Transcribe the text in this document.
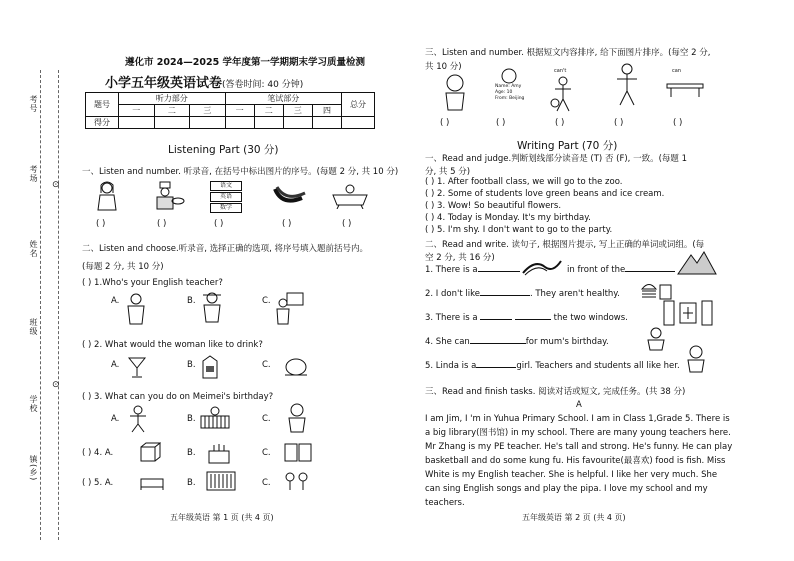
考号
考场
姓名
班级
学校
镇(乡)
⊙
⊙
遵化市 2024—2025 学年度第一学期期末学习质量检测
小学五年级英语试卷(答卷时间: 40 分钟)
题号	听力部分			笔试部分				总分
	一	二	三	一	二	三	四	
得分								
Listening Part (30 分)
一、Listen and number. 听录音, 在括号中标出图片的序号。(每题 2 分, 共 10 分)
语文
英语
数学
( )	( )	( )	( )	( )
二、Listen and choose.听录音, 选择正确的选项, 将序号填入题前括号内。
(每题 2 分, 共 10 分)
( ) 1.Who's your English teacher?
A.	B.	C.
( ) 2. What would the woman like to drink?
A.	B.	C.
( ) 3. What can you do on Meimei's birthday?
A.	B.	C.
( ) 4. A.	B.	C.
( ) 5. A.	B.	C.
五年级英语 第 1 页 (共 4 页)
三、Listen and number. 根据短文内容排序, 给下面图片排序。(每空 2 分,
共 10 分)
Name: Amy
Age: 10
From: Beijing
can't	can
( )	( )	( )	( )	( )
Writing Part (70 分)
一、Read and judge.判断划线部分读音是 (T) 否 (F), 一致。(每题 1
分, 共 5 分)
( ) 1. After football class, we will go to the zoo.
( ) 2. Some of students love green beans and ice cream.
( ) 3. Wow! So beautiful flowers.
( ) 4. Today is Monday. It's my birthday.
( ) 5. I'm shy. I don't want to go to the party.
二、Read and write. 读句子, 根据图片提示, 写上正确的单词或词组。(每
空 2 分, 共 16 分)
1. There is a	in front of the
2. I don't like	. They aren't healthy.
3. There is a	the two windows.
4. She can	for mum's birthday.
5. Linda is a	girl. Teachers and students all like her.
三、Read and finish tasks. 阅读对话或短文, 完成任务。(共 38 分)
A
I am Jim, I 'm in Yuhua Primary School. I am in Class 1,Grade 5. There is
a big library(图书馆) in my school. There are many young teachers here.
Mr Zhang is my PE teacher. He's tall and strong. He's funny. He can play
basketball and do some kung fu. His favourite(最喜欢) food is fish. Miss
White is my English teacher. She is helpful. I like her very much. She
can sing English songs and play the pipa. I love my school and my
teachers.
五年级英语 第 2 页 (共 4 页)
